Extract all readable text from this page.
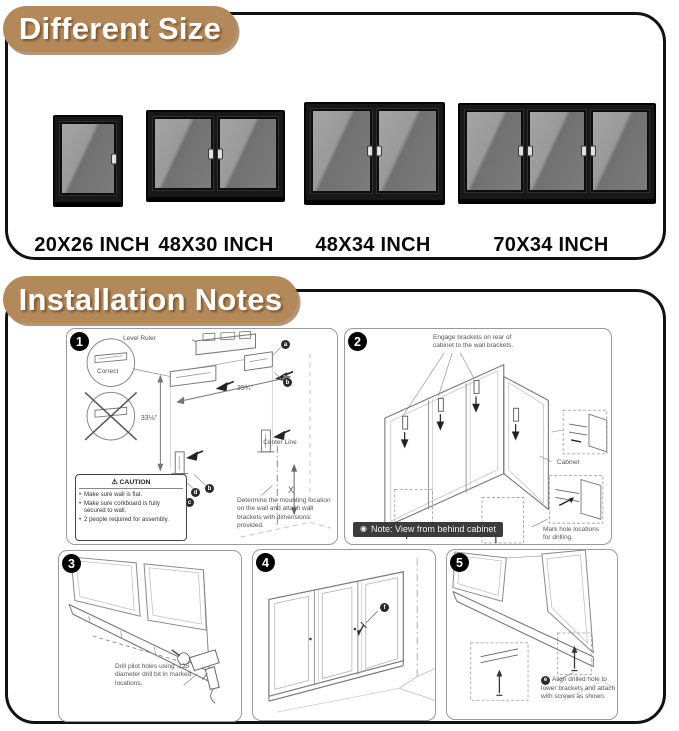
20X26 INCH 48X30 INCH	48X34 INCH	70X34 INCH
Different Size
Installation Notes
1	Level Ruler
Correct
33⅛"
39¾"
Center Line
X
a
b
d
b
c
⚠ CAUTION
• Make sure wall is flat.
• Make sure corkboard is fully secured to wall.
• 2 people required for assembly.
Determine the mounting location on the wall and attach wall brackets with dimensions provided.
2	Engage brackets on rear of cabinet to the wall brackets.
Cabinet
Mark hole locations for drilling.
◉ Note: View from behind cabinet
3
Drill pilot holes using .125 diameter drill bit in marked locations.
4
f
5
e Align drilled hole to lower brackets and attach with screws as shown.
